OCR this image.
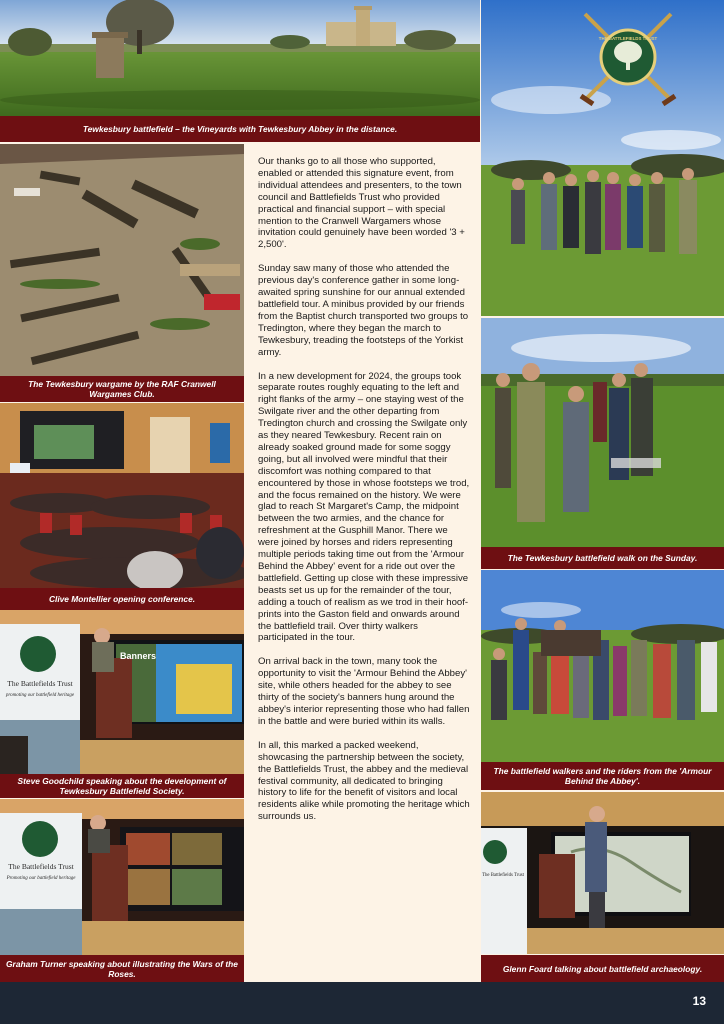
Tewkesbury battlefield – the Vineyards with Tewkesbury Abbey in the distance.
The Tewkesbury wargame by the RAF Cranwell Wargames Club.
Clive Montellier opening conference.
Banners
The Battlefields Trust
promoting our battlefield heritage
Steve Goodchild speaking about the development of Tewkesbury Battlefield Society.
The Battlefields Trust
Promoting our battlefield heritage
Graham Turner speaking about illustrating the Wars of the Roses.

Our thanks go to all those who supported, enabled or attended this signature event, from individual attendees and presenters, to the town council and Battlefields Trust who provided practical and financial support – with special mention to the Cranwell Wargamers whose invitation could genuinely have been worded '3 + 2,500'.

Sunday saw many of those who attended the previous day's conference gather in some long-awaited spring sunshine for our annual extended battlefield tour. A minibus provided by our friends from the Baptist church transported two groups to Tredington, where they began the march to Tewkesbury, treading the footsteps of the Yorkist army.

In a new development for 2024, the groups took separate routes roughly equating to the left and right flanks of the army – one staying west of the Swilgate river and the other departing from Tredington church and crossing the Swilgate only as they neared Tewkesbury. Recent rain on already soaked ground made for some soggy going, but all involved were mindful that their discomfort was nothing compared to that encountered by those in whose footsteps we trod, and the focus remained on the history. We were glad to reach St Margaret's Camp, the midpoint between the two armies, and the chance for refreshment at the Gusphill Manor. There we were joined by horses and riders representing multiple periods taking time out from the 'Armour Behind the Abbey' event for a ride out over the battlefield. Getting up close with these impressive beasts set us up for the remainder of the tour, adding a touch of realism as we trod in their hoof-prints into the Gaston field and onwards around the battlefield trail. Over thirty walkers participated in the tour.

On arrival back in the town, many took the opportunity to visit the 'Armour Behind the Abbey' site, while others headed for the abbey to see thirty of the society's banners hung around the abbey's interior representing those who had fallen in the battle and were buried within its walls.

In all, this marked a packed weekend, showcasing the partnership between the society, the Battlefields Trust, the abbey and the medieval festival community, all dedicated to bringing history to life for the benefit of visitors and local residents alike while promoting the heritage which surrounds us.

THE BATTLEFIELDS TRUST
The Tewkesbury battlefield walk on the Sunday.
The battlefield walkers and the riders from the 'Armour Behind the Abbey'.
The Battlefields Trust
Glenn Foard talking about battlefield archaeology.
13
